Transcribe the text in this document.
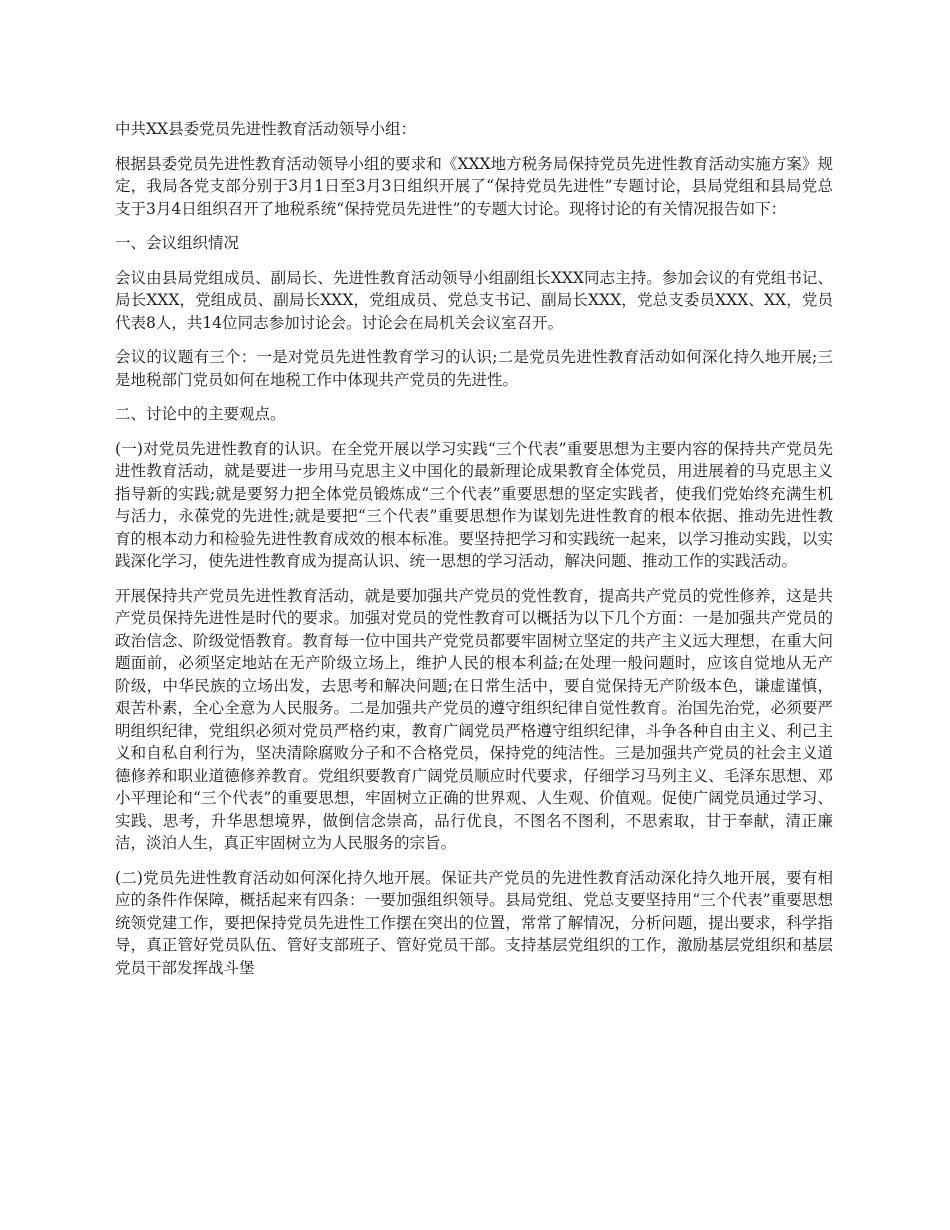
中共XX县委党员先进性教育活动领导小组：

根据县委党员先进性教育活动领导小组的要求和《XXX地方税务局保持党员先进性教育活动实施方案》规定，我局各党支部分别于3月1日至3月3日组织开展了“保持党员先进性”专题讨论，县局党组和县局党总支于3月4日组织召开了地税系统“保持党员先进性”的专题大讨论。现将讨论的有关情况报告如下：

一、会议组织情况

会议由县局党组成员、副局长、先进性教育活动领导小组副组长XXX同志主持。参加会议的有党组书记、局长XXX，党组成员、副局长XXX，党组成员、党总支书记、副局长XXX，党总支委员XXX、XX，党员代表8人，共14位同志参加讨论会。讨论会在局机关会议室召开。

会议的议题有三个：一是对党员先进性教育学习的认识;二是党员先进性教育活动如何深化持久地开展;三是地税部门党员如何在地税工作中体现共产党员的先进性。

二、讨论中的主要观点。

(一)对党员先进性教育的认识。在全党开展以学习实践“三个代表”重要思想为主要内容的保持共产党员先进性教育活动，就是要进一步用马克思主义中国化的最新理论成果教育全体党员，用进展着的马克思主义指导新的实践;就是要努力把全体党员锻炼成“三个代表”重要思想的坚定实践者，使我们党始终充满生机与活力，永葆党的先进性;就是要把“三个代表”重要思想作为谋划先进性教育的根本依据、推动先进性教育的根本动力和检验先进性教育成效的根本标准。要坚持把学习和实践统一起来，以学习推动实践，以实践深化学习，使先进性教育成为提高认识、统一思想的学习活动，解决问题、推动工作的实践活动。

开展保持共产党员先进性教育活动，就是要加强共产党员的党性教育，提高共产党员的党性修养，这是共产党员保持先进性是时代的要求。加强对党员的党性教育可以概括为以下几个方面：一是加强共产党员的政治信念、阶级觉悟教育。教育每一位中国共产党党员都要牢固树立坚定的共产主义远大理想，在重大问题面前，必须坚定地站在无产阶级立场上，维护人民的根本利益;在处理一般问题时，应该自觉地从无产阶级，中华民族的立场出发，去思考和解决问题;在日常生活中，要自觉保持无产阶级本色，谦虚谨慎，艰苦朴素，全心全意为人民服务。二是加强共产党员的遵守组织纪律自觉性教育。治国先治党，必须要严明组织纪律，党组织必须对党员严格约束，教育广阔党员严格遵守组织纪律，斗争各种自由主义、利己主义和自私自利行为，坚决清除腐败分子和不合格党员，保持党的纯洁性。三是加强共产党员的社会主义道德修养和职业道德修养教育。党组织要教育广阔党员顺应时代要求，仔细学习马列主义、毛泽东思想、邓小平理论和“三个代表”的重要思想，牢固树立正确的世界观、人生观、价值观。促使广阔党员通过学习、实践、思考，升华思想境界，做倒信念崇高，品行优良，不图名不图利，不思索取，甘于奉献，清正廉洁，淡泊人生，真正牢固树立为人民服务的宗旨。

(二)党员先进性教育活动如何深化持久地开展。保证共产党员的先进性教育活动深化持久地开展，要有相应的条件作保障，概括起来有四条：一要加强组织领导。县局党组、党总支要坚持用“三个代表”重要思想统领党建工作，要把保持党员先进性工作摆在突出的位置，常常了解情况，分析问题，提出要求，科学指导，真正管好党员队伍、管好支部班子、管好党员干部。支持基层党组织的工作，激励基层党组织和基层党员干部发挥战斗堡
